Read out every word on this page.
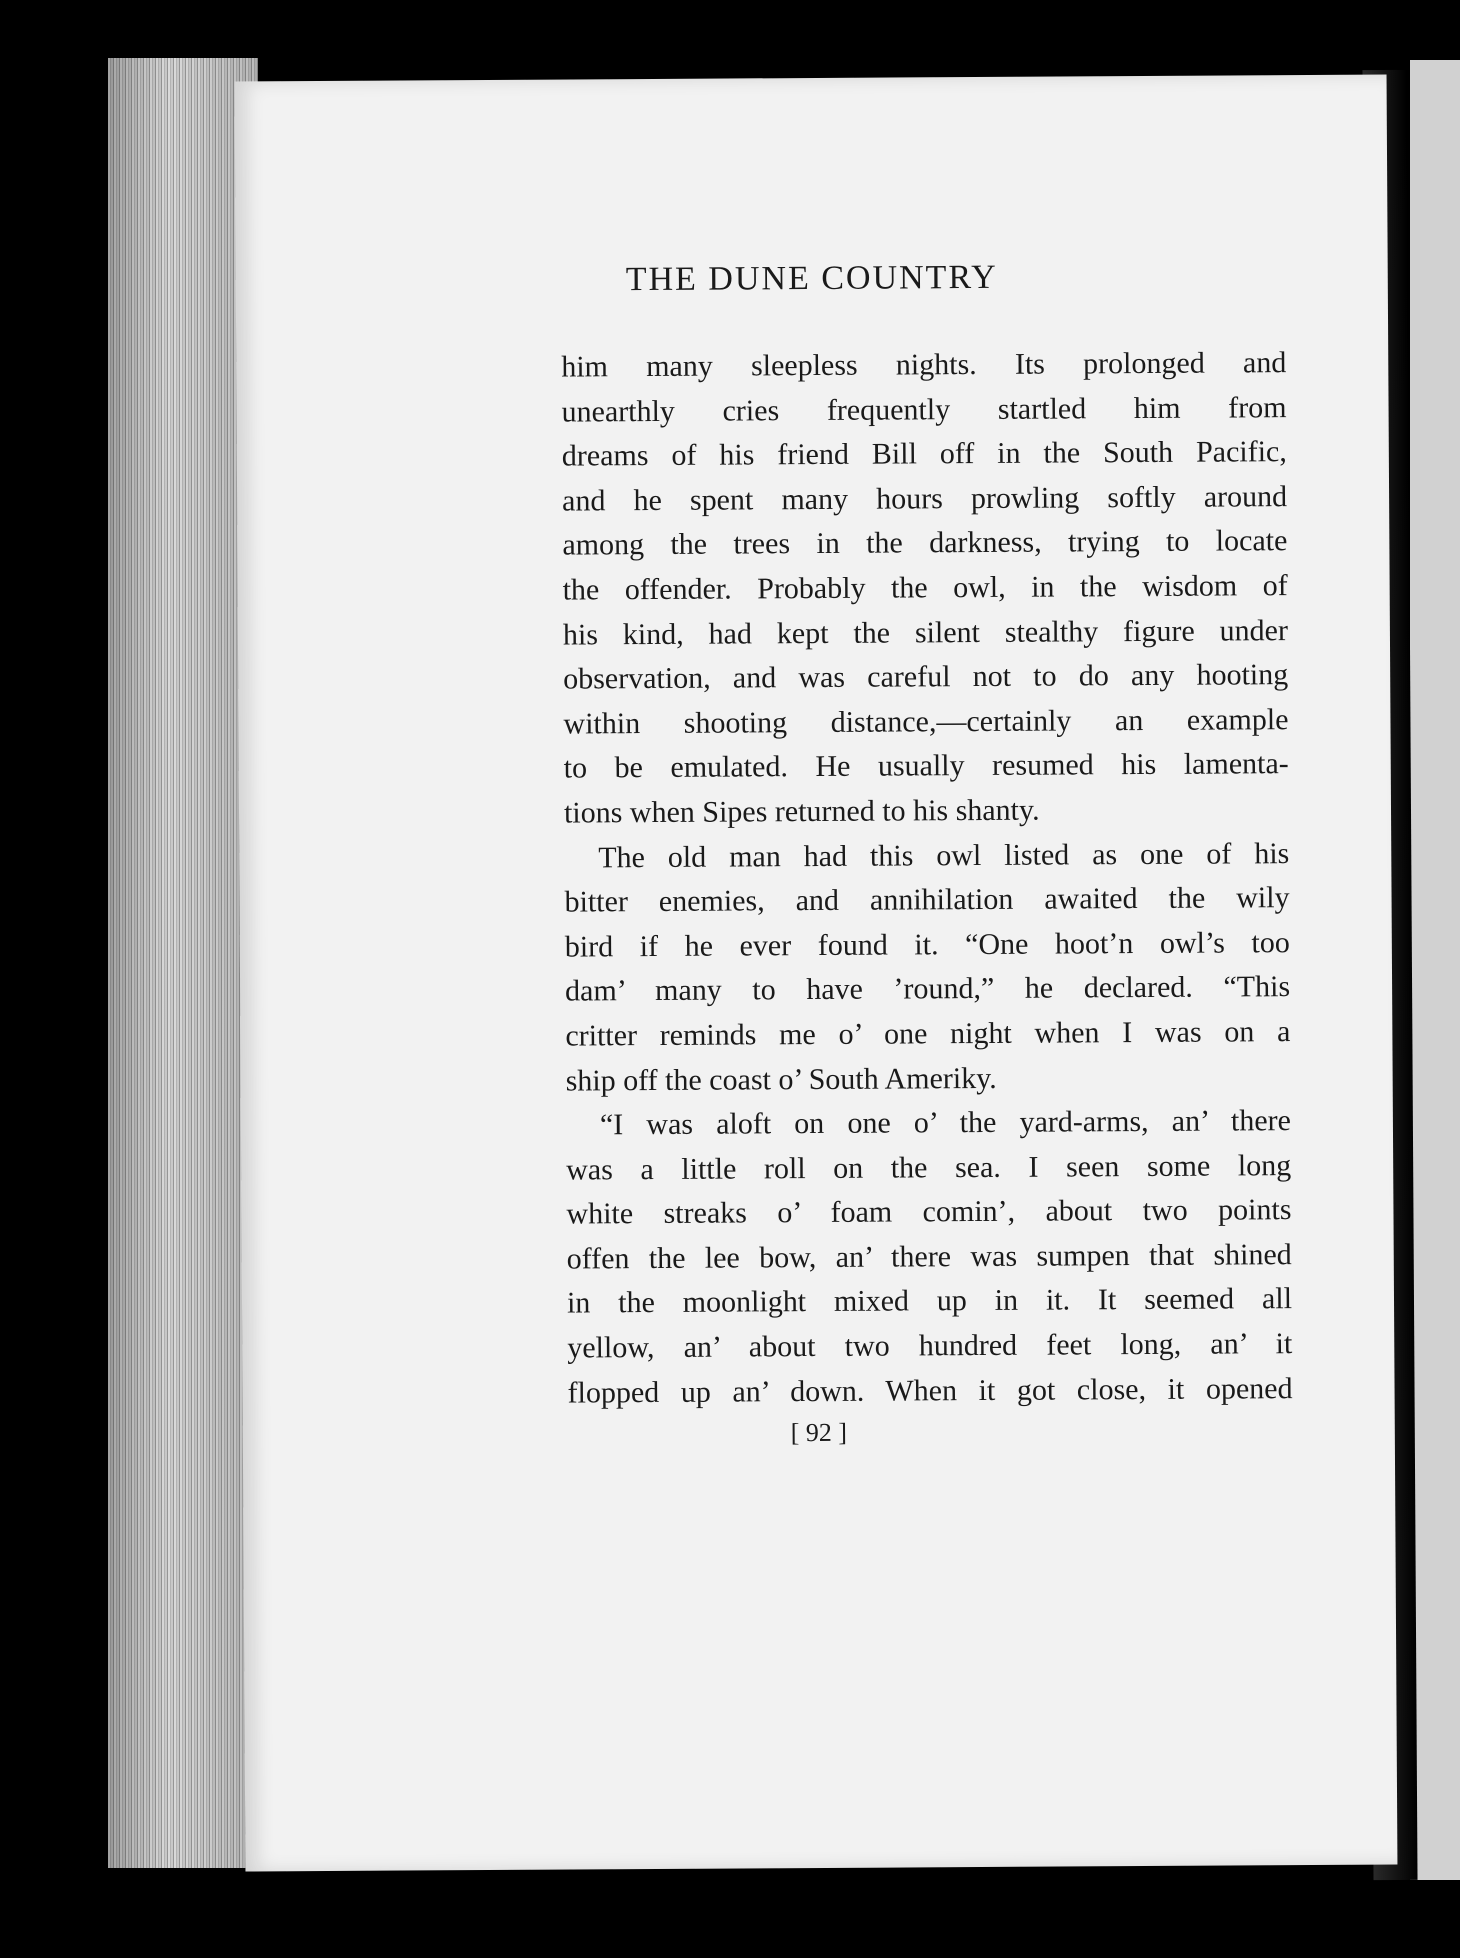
THE DUNE COUNTRY
him many sleepless nights. Its prolonged and
unearthly cries frequently startled him from
dreams of his friend Bill off in the South Pacific,
and he spent many hours prowling softly around
among the trees in the darkness, trying to locate
the offender. Probably the owl, in the wisdom of
his kind, had kept the silent stealthy figure under
observation, and was careful not to do any hooting
within shooting distance,—certainly an example
to be emulated. He usually resumed his lamenta-
tions when Sipes returned to his shanty.
The old man had this owl listed as one of his
bitter enemies, and annihilation awaited the wily
bird if he ever found it. “One hoot’n owl’s too
dam’ many to have ’round,” he declared. “This
critter reminds me o’ one night when I was on a
ship off the coast o’ South Ameriky.
“I was aloft on one o’ the yard-arms, an’ there
was a little roll on the sea. I seen some long
white streaks o’ foam comin’, about two points
offen the lee bow, an’ there was sumpen that shined
in the moonlight mixed up in it. It seemed all
yellow, an’ about two hundred feet long, an’ it
flopped up an’ down. When it got close, it opened
[ 92 ]
